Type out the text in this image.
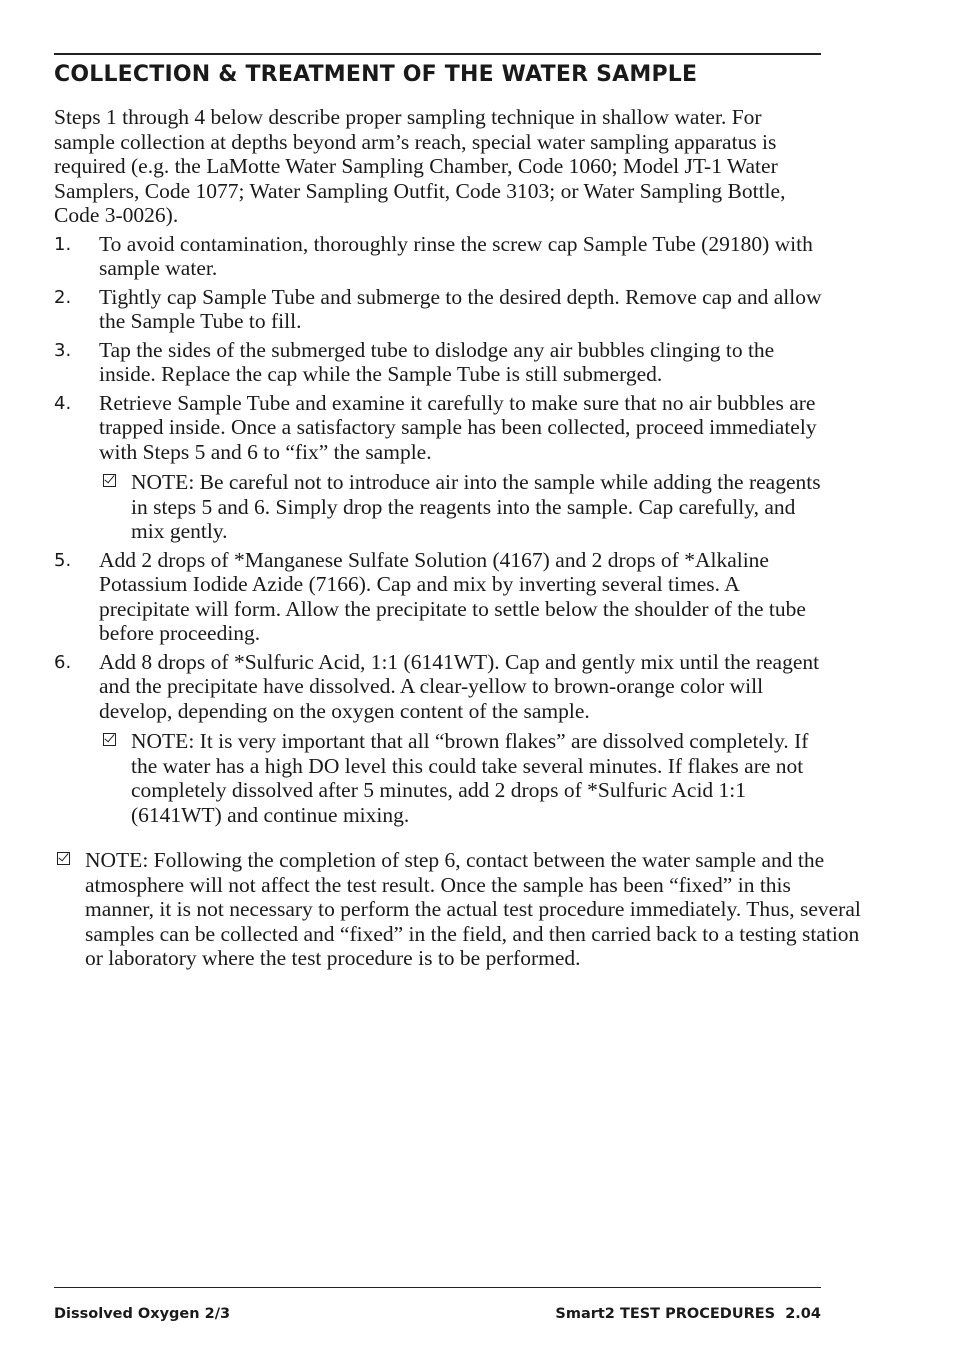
COLLECTION & TREATMENT OF THE WATER SAMPLE

Steps 1 through 4 below describe proper sampling technique in shallow water. For sample collection at depths beyond arm’s reach, special water sampling apparatus is required (e.g. the LaMotte Water Sampling Chamber, Code 1060; Model JT-1 Water Samplers, Code 1077; Water Sampling Outfit, Code 3103; or Water Sampling Bottle, Code 3-0026).

1. To avoid contamination, thoroughly rinse the screw cap Sample Tube (29180) with sample water.
2. Tightly cap Sample Tube and submerge to the desired depth. Remove cap and allow the Sample Tube to fill.
3. Tap the sides of the submerged tube to dislodge any air bubbles clinging to the inside. Replace the cap while the Sample Tube is still submerged.
4. Retrieve Sample Tube and examine it carefully to make sure that no air bubbles are trapped inside. Once a satisfactory sample has been collected, proceed immediately with Steps 5 and 6 to “fix” the sample.
NOTE: Be careful not to introduce air into the sample while adding the reagents in steps 5 and 6. Simply drop the reagents into the sample. Cap carefully, and mix gently.
5. Add 2 drops of *Manganese Sulfate Solution (4167) and 2 drops of *Alkaline Potassium Iodide Azide (7166). Cap and mix by inverting several times. A precipitate will form. Allow the precipitate to settle below the shoulder of the tube before proceeding.
6. Add 8 drops of *Sulfuric Acid, 1:1 (6141WT). Cap and gently mix until the reagent and the precipitate have dissolved. A clear-yellow to brown-orange color will develop, depending on the oxygen content of the sample.
NOTE: It is very important that all “brown flakes” are dissolved completely. If the water has a high DO level this could take several minutes. If flakes are not completely dissolved after 5 minutes, add 2 drops of *Sulfuric Acid 1:1 (6141WT) and continue mixing.
NOTE: Following the completion of step 6, contact between the water sample and the atmosphere will not affect the test result. Once the sample has been “fixed” in this manner, it is not necessary to perform the actual test procedure immediately. Thus, several samples can be collected and “fixed” in the field, and then carried back to a testing station or laboratory where the test procedure is to be performed.
Dissolved Oxygen 2/3	Smart2 TEST PROCEDURES  2.04
